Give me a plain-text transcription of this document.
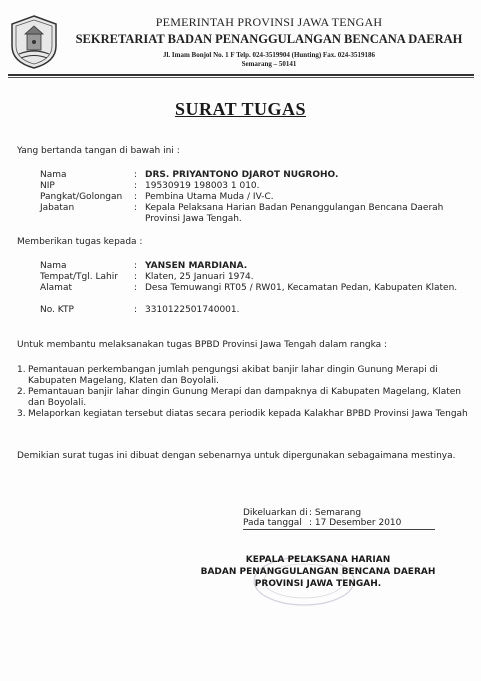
PEMERINTAH PROVINSI JAWA TENGAH
SEKRETARIAT BADAN PENANGGULANGAN BENCANA DAERAH
Jl. Imam Bonjol No. 1 F Telp. 024-3519904 (Hunting) Fax. 024-3519186
Semarang – 50141
SURAT TUGAS
Yang bertanda tangan di bawah ini :
Nama	: DRS. PRIYANTONO DJAROT NUGROHO.
NIP	: 19530919 198003 1 010.
Pangkat/Golongan : Pembina Utama Muda / IV-C.
Jabatan	: Kepala Pelaksana Harian Badan Penanggulangan Bencana Daerah Provinsi Jawa Tengah.
Memberikan tugas kepada :
Nama	: YANSEN MARDIANA.
Tempat/Tgl. Lahir : Klaten, 25 Januari 1974.
Alamat	: Desa Temuwangi RT05 / RW01, Kecamatan Pedan, Kabupaten Klaten.
No. KTP	: 3310122501740001.
Untuk membantu melaksanakan tugas BPBD Provinsi Jawa Tengah dalam rangka :
1. Pemantauan perkembangan jumlah pengungsi akibat banjir lahar dingin Gunung Merapi di Kabupaten Magelang, Klaten dan Boyolali.
2. Pemantauan banjir lahar dingin Gunung Merapi dan dampaknya di Kabupaten Magelang, Klaten dan Boyolali.
3. Melaporkan kegiatan tersebut diatas secara periodik kepada Kalakhar BPBD Provinsi Jawa Tengah
Demikian surat tugas ini dibuat dengan sebenarnya untuk dipergunakan sebagaimana mestinya.
Dikeluarkan di : Semarang
Pada tanggal : 17 Desember 2010
KEPALA PELAKSANA HARIAN
BADAN PENANGGULANGAN BENCANA DAERAH
PROVINSI JAWA TENGAH.
